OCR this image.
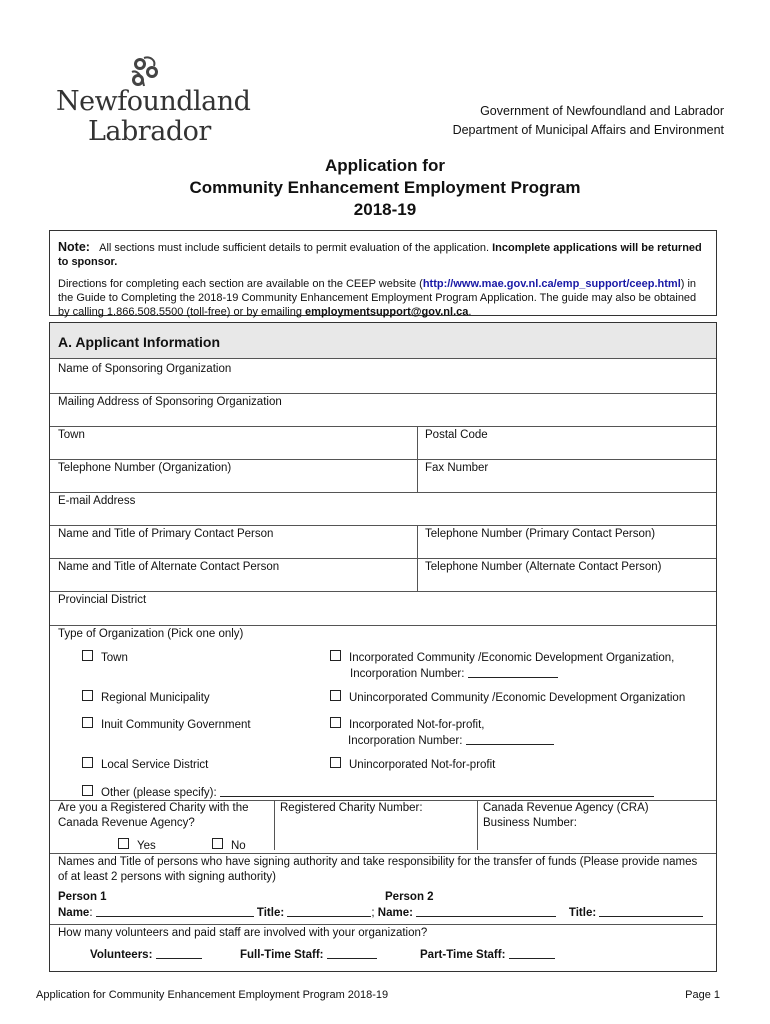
Newfoundland
Labrador
Government of Newfoundland and Labrador
Department of Municipal Affairs and Environment
Application for
Community Enhancement Employment Program
2018-19

Note: All sections must include sufficient details to permit evaluation of the application. Incomplete applications will be returned to sponsor.

Directions for completing each section are available on the CEEP website (http://www.mae.gov.nl.ca/emp_support/ceep.html) in the Guide to Completing the 2018-19 Community Enhancement Employment Program Application. The guide may also be obtained by calling 1.866.508.5500 (toll-free) or by emailing employmentsupport@gov.nl.ca.

A. Applicant Information
Name of Sponsoring Organization
Mailing Address of Sponsoring Organization
Town	Postal Code
Telephone Number (Organization)	Fax Number
E-mail Address
Name and Title of Primary Contact Person	Telephone Number (Primary Contact Person)
Name and Title of Alternate Contact Person	Telephone Number (Alternate Contact Person)
Provincial District
Type of Organization (Pick one only)
Town	Incorporated Community /Economic Development Organization,
Incorporation Number:
Regional Municipality	Unincorporated Community /Economic Development Organization
Inuit Community Government	Incorporated Not-for-profit,
Incorporation Number:
Local Service District	Unincorporated Not-for-profit
Other (please specify):
Are you a Registered Charity with the Canada Revenue Agency?
Yes	No
Registered Charity Number:	Canada Revenue Agency (CRA) Business Number:
Names and Title of persons who have signing authority and take responsibility for the transfer of funds (Please provide names of at least 2 persons with signing authority)
Person 1	Person 2
Name:	Title:	; Name:	Title:
How many volunteers and paid staff are involved with your organization?
Volunteers:	Full-Time Staff:	Part-Time Staff:
Application for Community Enhancement Employment Program 2018-19	Page 1
